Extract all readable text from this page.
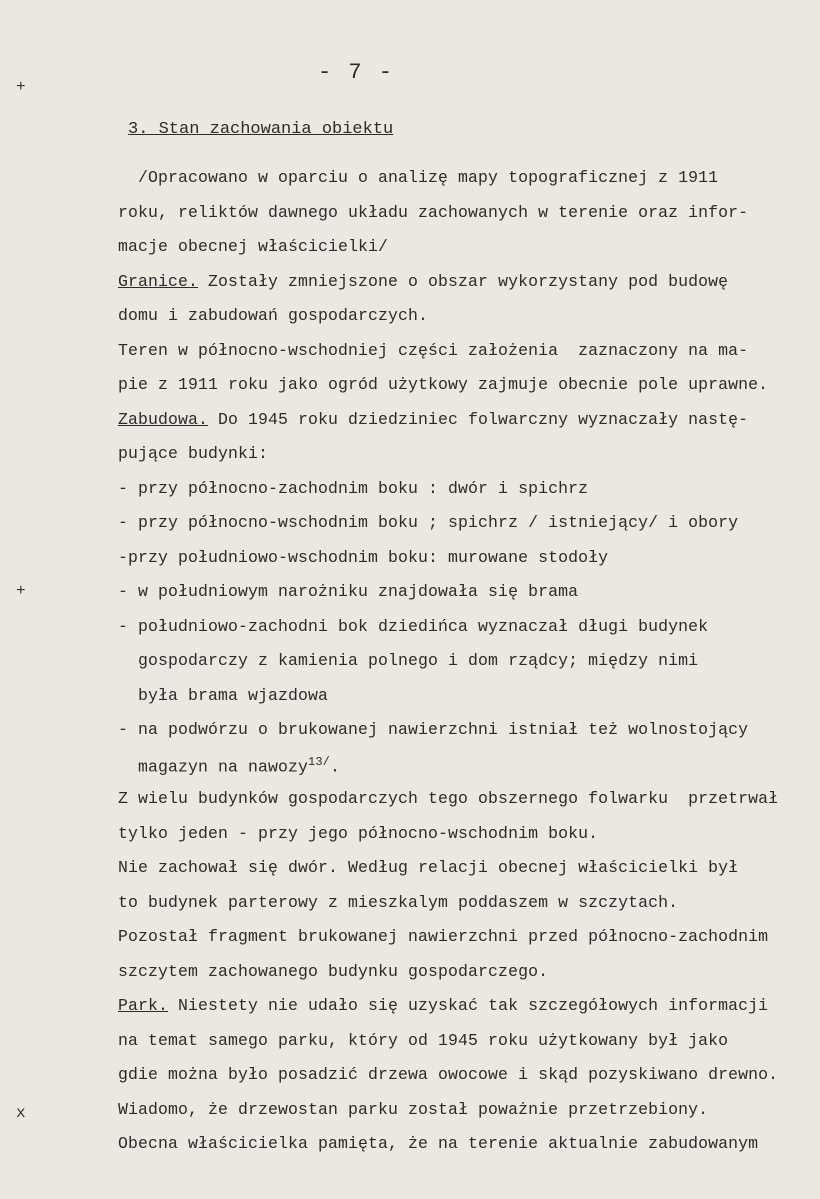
- 7 -
+
+
x
3. Stan zachowania obiektu
/Opracowano w oparciu o analizę mapy topograficznej z 1911
roku, reliktów dawnego układu zachowanych w terenie oraz infor-
macje obecnej właścicielki/
Granice. Zostały zmniejszone o obszar wykorzystany pod budowę
domu i zabudowań gospodarczych.
Teren w północno-wschodniej części założenia  zaznaczony na ma-
pie z 1911 roku jako ogród użytkowy zajmuje obecnie pole uprawne.
Zabudowa. Do 1945 roku dziedziniec folwarczny wyznaczały nastę-
pujące budynki:
- przy północno-zachodnim boku : dwór i spichrz
- przy północno-wschodnim boku ; spichrz / istniejący/ i obory
-przy południowo-wschodnim boku: murowane stodoły
- w południowym narożniku znajdowała się brama
- południowo-zachodni bok dziedińca wyznaczał długi budynek
gospodarczy z kamienia polnego i dom rządcy; między nimi
była brama wjazdowa
- na podwórzu o brukowanej nawierzchni istniał też wolnostojący
magazyn na nawozy$^{13/}$.
Z wielu budynków gospodarczych tego obszernego folwarku  przetrwał
tylko jeden - przy jego północno-wschodnim boku.
Nie zachował się dwór. Według relacji obecnej właścicielki był
to budynek parterowy z mieszkalym poddaszem w szczytach.
Pozostał fragment brukowanej nawierzchni przed północno-zachodnim
szczytem zachowanego budynku gospodarczego.
Park. Niestety nie udało się uzyskać tak szczegółowych informacji
na temat samego parku, który od 1945 roku użytkowany był jako
gdie można było posadzić drzewa owocowe i skąd pozyskiwano drewno.
Wiadomo, że drzewostan parku został poważnie przetrzebiony.
Obecna właścicielka pamięta, że na terenie aktualnie zabudowanym
